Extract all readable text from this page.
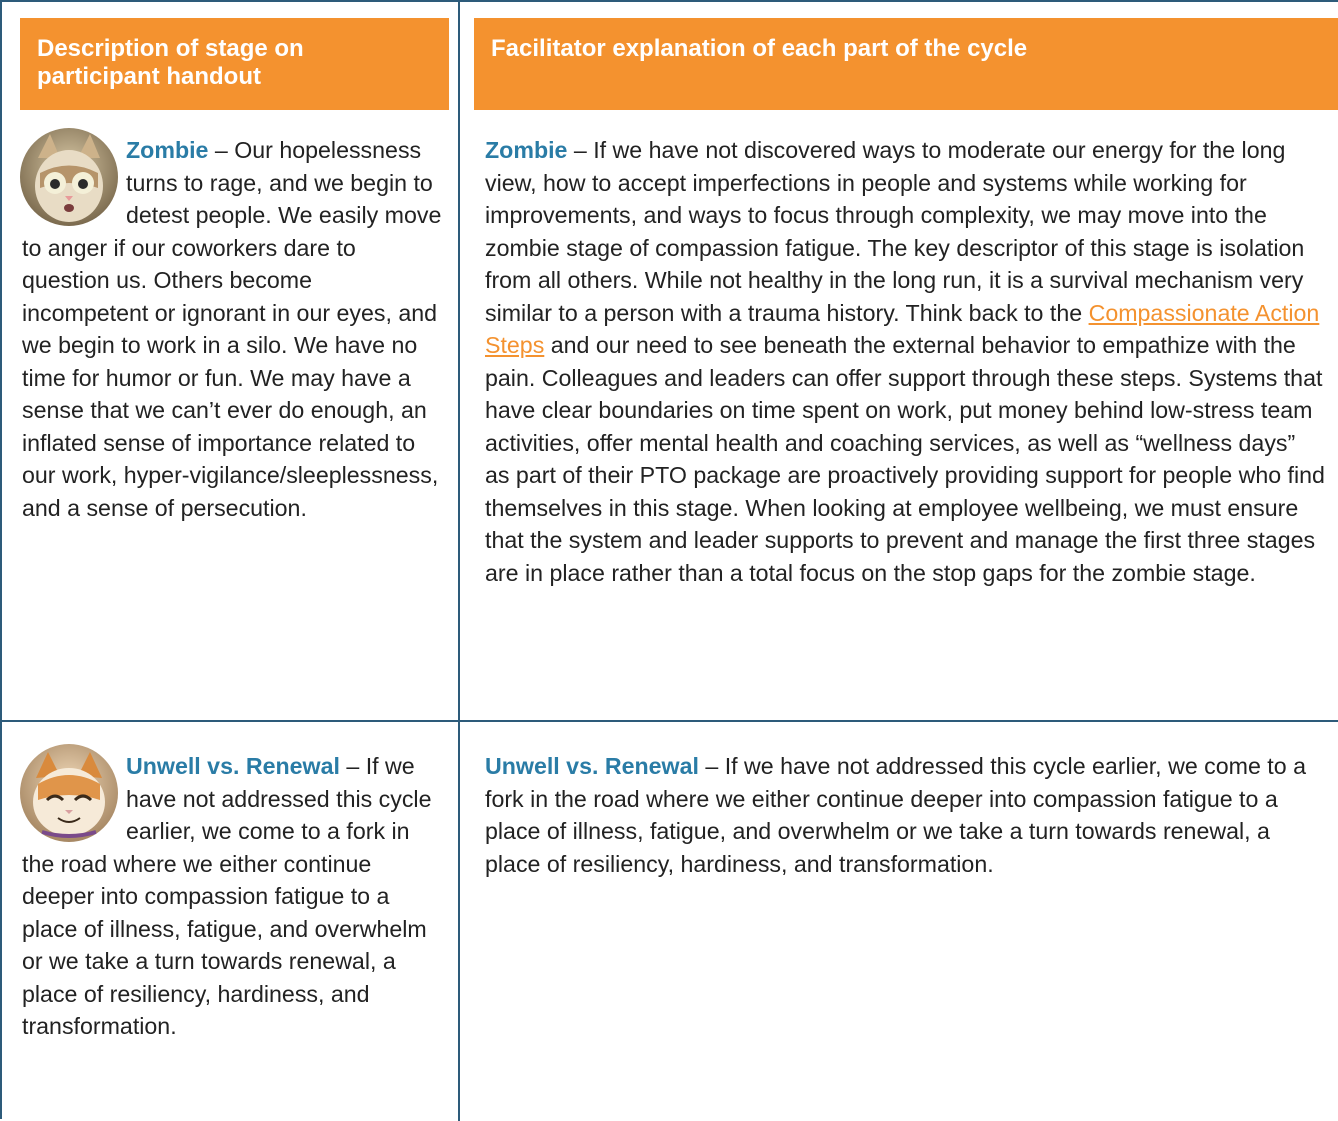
Description of stage on participant handout
Facilitator explanation of each part of the cycle
Zombie – Our hopelessness turns to rage, and we begin to detest people. We easily move to anger if our coworkers dare to question us. Others become incompetent or ignorant in our eyes, and we begin to work in a silo. We have no time for humor or fun. We may have a sense that we can’t ever do enough, an inflated sense of importance related to our work, hyper-vigilance/sleeplessness, and a sense of persecution.
Zombie – If we have not discovered ways to moderate our energy for the long view, how to accept imperfections in people and systems while working for improvements, and ways to focus through complexity, we may move into the zombie stage of compassion fatigue. The key descriptor of this stage is isolation from all others. While not healthy in the long run, it is a survival mechanism very similar to a person with a trauma history. Think back to the Compassionate Action Steps and our need to see beneath the external behavior to empathize with the pain. Colleagues and leaders can offer support through these steps. Systems that have clear boundaries on time spent on work, put money behind low-stress team activities, offer mental health and coaching services, as well as “wellness days” as part of their PTO package are proactively providing support for people who find themselves in this stage. When looking at employee wellbeing, we must ensure that the system and leader supports to prevent and manage the first three stages are in place rather than a total focus on the stop gaps for the zombie stage.
Unwell vs. Renewal – If we have not addressed this cycle earlier, we come to a fork in the road where we either continue deeper into compassion fatigue to a place of illness, fatigue, and overwhelm or we take a turn towards renewal, a place of resiliency, hardiness, and transformation.
Unwell vs. Renewal – If we have not addressed this cycle earlier, we come to a fork in the road where we either continue deeper into compassion fatigue to a place of illness, fatigue, and overwhelm or we take a turn towards renewal, a place of resiliency, hardiness, and transformation.
